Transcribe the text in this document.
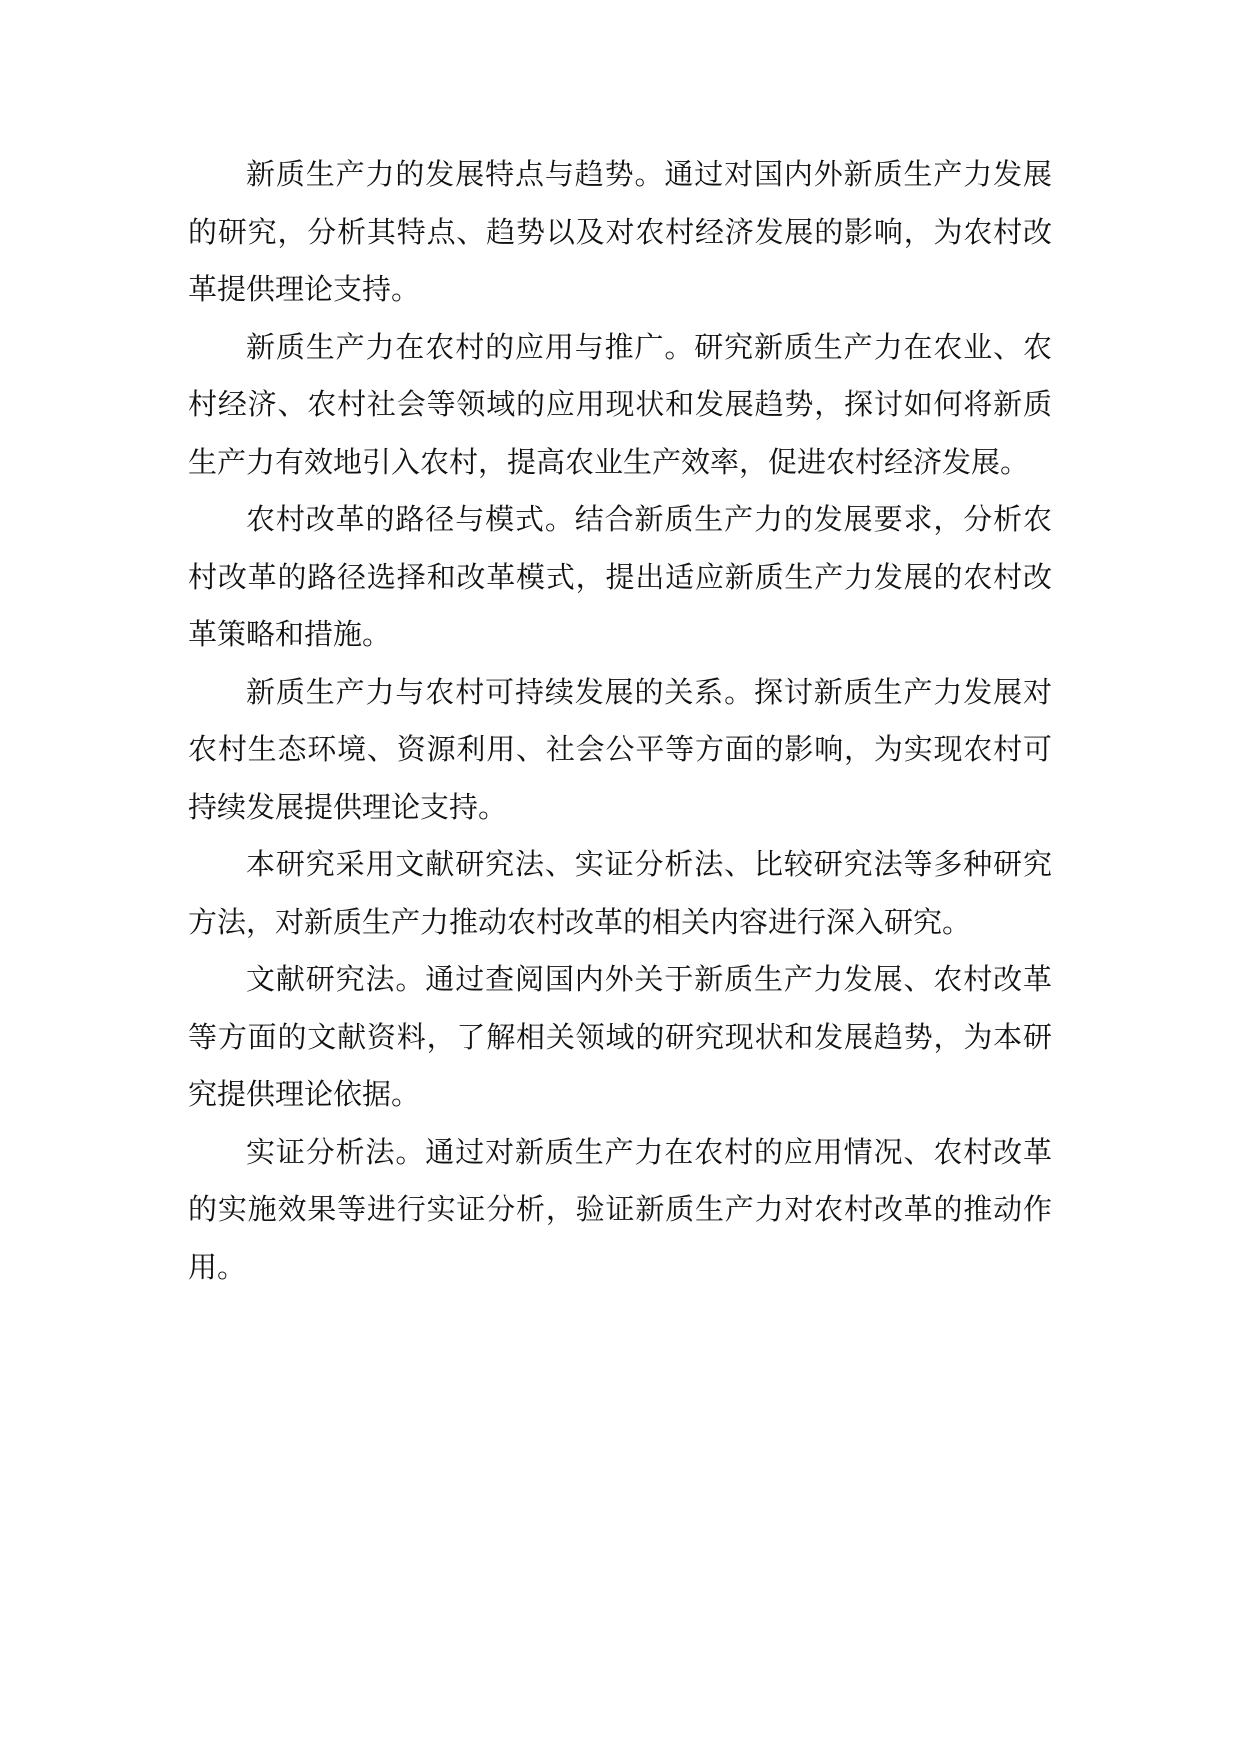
新质生产力的发展特点与趋势。通过对国内外新质生产力发展的研究，分析其特点、趋势以及对农村经济发展的影响，为农村改革提供理论支持。

新质生产力在农村的应用与推广。研究新质生产力在农业、农村经济、农村社会等领域的应用现状和发展趋势，探讨如何将新质生产力有效地引入农村，提高农业生产效率，促进农村经济发展。

农村改革的路径与模式。结合新质生产力的发展要求，分析农村改革的路径选择和改革模式，提出适应新质生产力发展的农村改革策略和措施。

新质生产力与农村可持续发展的关系。探讨新质生产力发展对农村生态环境、资源利用、社会公平等方面的影响，为实现农村可持续发展提供理论支持。

本研究采用文献研究法、实证分析法、比较研究法等多种研究方法，对新质生产力推动农村改革的相关内容进行深入研究。

文献研究法。通过查阅国内外关于新质生产力发展、农村改革等方面的文献资料，了解相关领域的研究现状和发展趋势，为本研究提供理论依据。

实证分析法。通过对新质生产力在农村的应用情况、农村改革的实施效果等进行实证分析，验证新质生产力对农村改革的推动作用。
